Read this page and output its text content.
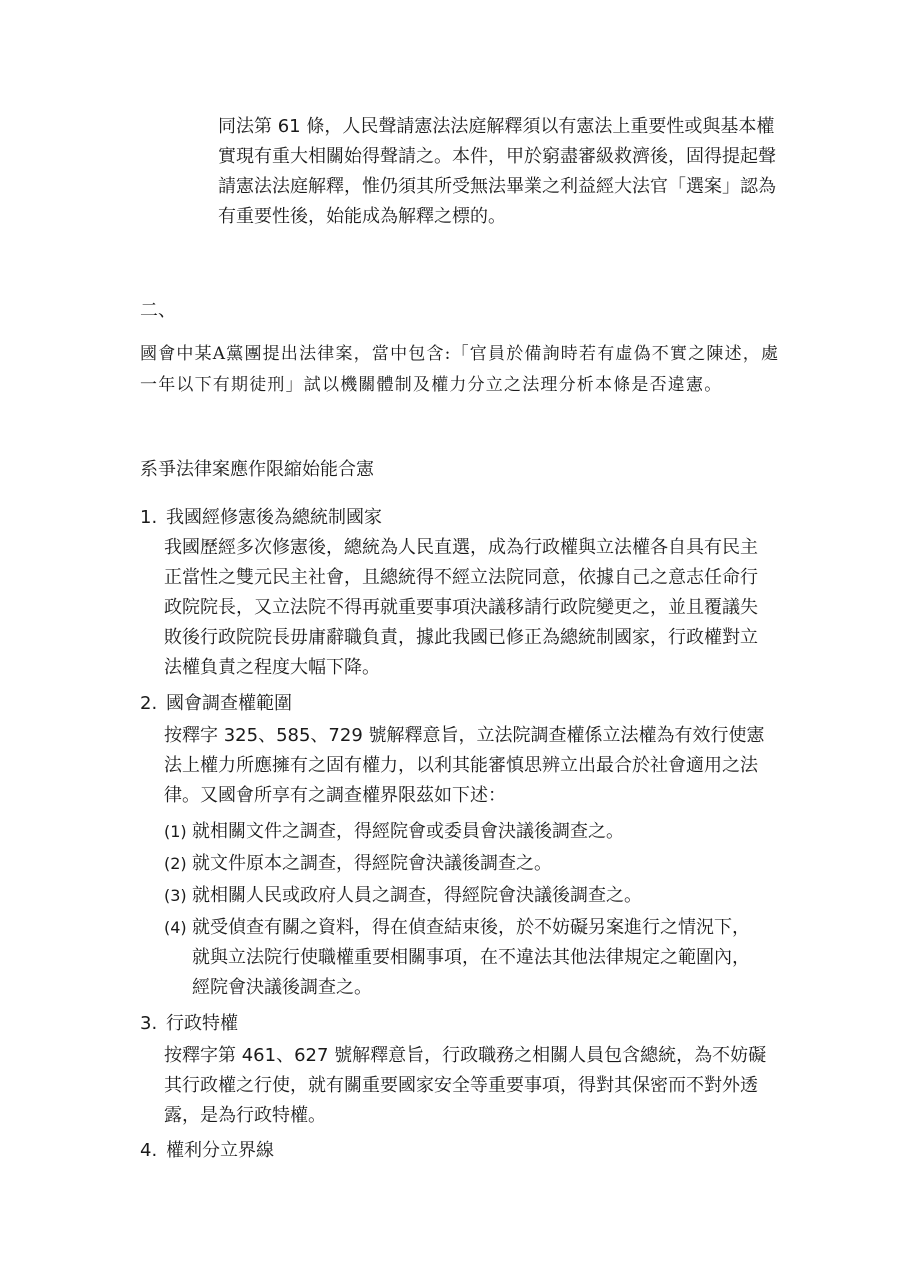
同法第 61 條，人民聲請憲法法庭解釋須以有憲法上重要性或與基本權實現有重大相關始得聲請之。本件，甲於窮盡審級救濟後，固得提起聲請憲法法庭解釋，惟仍須其所受無法畢業之利益經大法官「選案」認為有重要性後，始能成為解釋之標的。

二、

國會中某A黨團提出法律案，當中包含:「官員於備詢時若有虛偽不實之陳述，處一年以下有期徒刑」試以機關體制及權力分立之法理分析本條是否違憲。

系爭法律案應作限縮始能合憲
1. 我國經修憲後為總統制國家
我國歷經多次修憲後，總統為人民直選，成為行政權與立法權各自具有民主正當性之雙元民主社會，且總統得不經立法院同意，依據自己之意志任命行政院院長，又立法院不得再就重要事項決議移請行政院變更之，並且覆議失敗後行政院院長毋庸辭職負責，據此我國已修正為總統制國家，行政權對立法權負責之程度大幅下降。
2. 國會調查權範圍
按釋字 325、585、729 號解釋意旨，立法院調查權係立法權為有效行使憲法上權力所應擁有之固有權力，以利其能審慎思辨立出最合於社會適用之法律。又國會所享有之調查權界限茲如下述：
(1) 就相關文件之調查，得經院會或委員會決議後調查之。
(2) 就文件原本之調查，得經院會決議後調查之。
(3) 就相關人民或政府人員之調查，得經院會決議後調查之。
(4) 就受偵查有關之資料，得在偵查結束後，於不妨礙另案進行之情況下，就與立法院行使職權重要相關事項，在不違法其他法律規定之範圍內，經院會決議後調查之。
3. 行政特權
按釋字第 461、627 號解釋意旨，行政職務之相關人員包含總統，為不妨礙其行政權之行使，就有關重要國家安全等重要事項，得對其保密而不對外透露，是為行政特權。
4. 權利分立界線
